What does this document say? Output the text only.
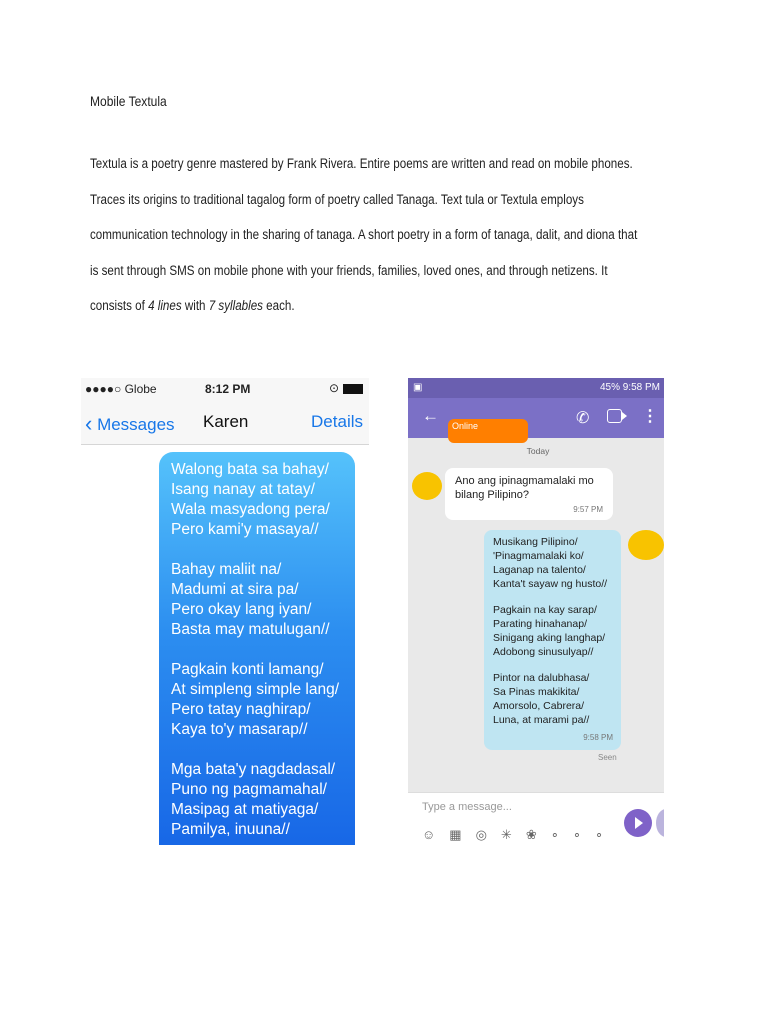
Mobile Textula

Textula is a poetry genre mastered by Frank Rivera. Entire poems are written and read on mobile phones.

Traces its origins to traditional tagalog form of poetry called Tanaga. Text tula or Textula employs

communication technology in the sharing of tanaga. A short poetry in a form of tanaga, dalit, and diona that

is sent through SMS on mobile phone with your friends, families, loved ones, and through netizens. It

consists of 4 lines with 7 syllables each.

●●●●○ Globe	8:12 PM	⊙
‹ Messages Karen	Details
Walong bata sa bahay/
Isang nanay at tatay/
Wala masyadong pera/
Pero kami'y masaya//
Bahay maliit na/
Madumi at sira pa/
Pero okay lang iyan/
Basta may matulugan//
Pagkain konti lamang/
At simpleng simple lang/
Pero tatay naghirap/
Kaya to'y masarap//
Mga bata'y nagdadasal/
Puno ng pagmamahal/
Masipag at matiyaga/
Pamilya, inuuna//
▣	45% 9:58 PM
←
Online	✆	⋮
Today
Ano ang ipinagmamalaki mo
bilang Pilipino?
9:57 PM
Musikang Pilipino/
'Pinagmamalaki ko/
Laganap na talento/
Kanta't sayaw ng husto//
Pagkain na kay sarap/
Parating hinahanap/
Sinigang aking langhap/
Adobong sinusulyap//
Pintor na dalubhasa/
Sa Pinas makikita/
Amorsolo, Cabrera/
Luna, at marami pa//
9:58 PM
Seen
Type a message...
☺▦◎✳❀∘∘∘
